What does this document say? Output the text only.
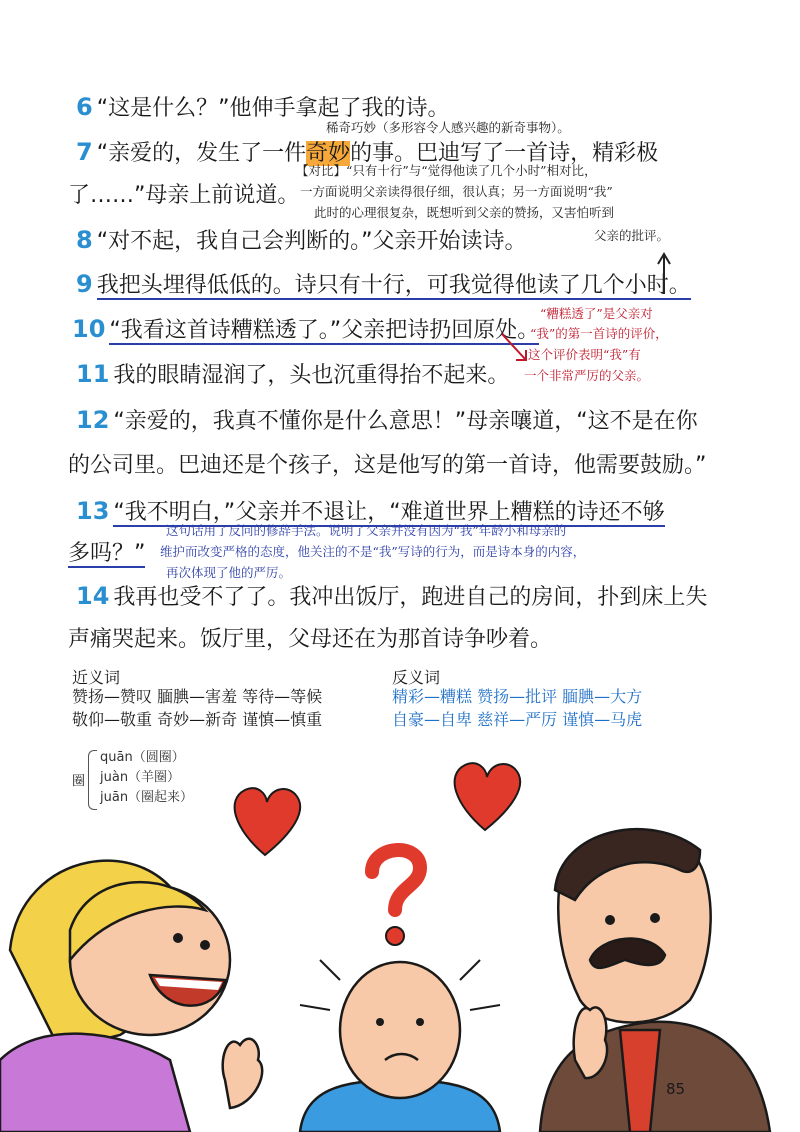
6 “这是什么？”他伸手拿起了我的诗。
稀奇巧妙（多形容令人感兴趣的新奇事物）。
7 “亲爱的，发生了一件奇妙的事。巴迪写了一首诗，精彩极
【对比】“只有十行”与“觉得他读了几个小时”相对比，
了……”母亲上前说道。 一方面说明父亲读得很仔细，很认真；另一方面说明“我”
此时的心理很复杂，既想听到父亲的赞扬，又害怕听到
8 “对不起，我自己会判断的。”父亲开始读诗。	父亲的批评。
9 我把头埋得低低的。诗只有十行，可我觉得他读了几个小时。
10 “我看这首诗糟糕透了。”父亲把诗扔回原处。
“糟糕透了”是父亲对
“我”的第一首诗的评价，
这个评价表明“我”有
一个非常严厉的父亲。
11 我的眼睛湿润了，头也沉重得抬不起来。
12 “亲爱的，我真不懂你是什么意思！”母亲嚷道，“这不是在你
的公司里。巴迪还是个孩子，这是他写的第一首诗，他需要鼓励。”
13 “我不明白，”父亲并不退让，“难道世界上糟糕的诗还不够
多吗？”
这句话用了反问的修辞手法。说明了父亲并没有因为“我”年龄小和母亲的
维护而改变严格的态度，他关注的不是“我”写诗的行为，而是诗本身的内容，
再次体现了他的严厉。
14 我再也受不了了。我冲出饭厅，跑进自己的房间，扑到床上失
声痛哭起来。饭厅里，父母还在为那首诗争吵着。
近义词
赞扬—赞叹 腼腆—害羞 等待—等候
敬仰—敬重 奇妙—新奇 谨慎—慎重
反义词
精彩—糟糕 赞扬—批评 腼腆—大方
自豪—自卑 慈祥—严厉 谨慎—马虎
圈
quān（圆圈）
juàn（羊圈）
juān（圈起来）
85
